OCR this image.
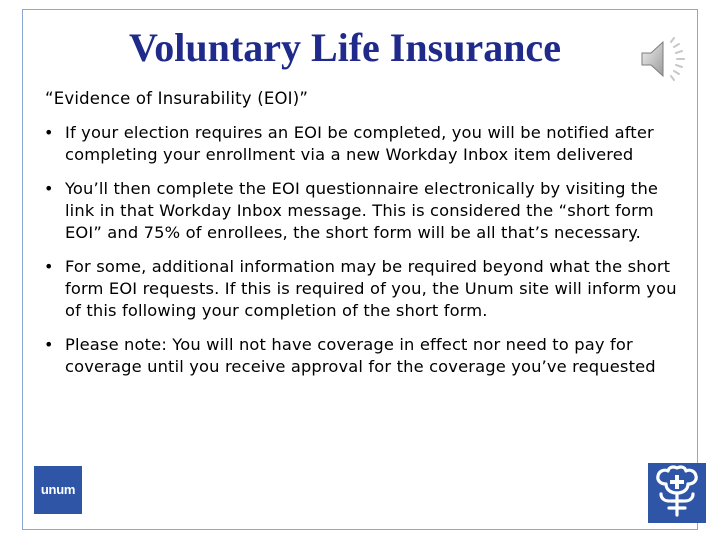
Voluntary Life Insurance

“Evidence of Insurability (EOI)”

• If your election requires an EOI be completed, you will be notified after completing your enrollment via a new Workday Inbox item delivered
• You’ll then complete the EOI questionnaire electronically by visiting the link in that Workday Inbox message. This is considered the “short form EOI” and 75% of enrollees, the short form will be all that’s necessary.
• For some, additional information may be required beyond what the short form EOI requests. If this is required of you, the Unum site will inform you of this following your completion of the short form.
• Please note: You will not have coverage in effect nor need to pay for coverage until you receive approval for the coverage you’ve requested
unum
